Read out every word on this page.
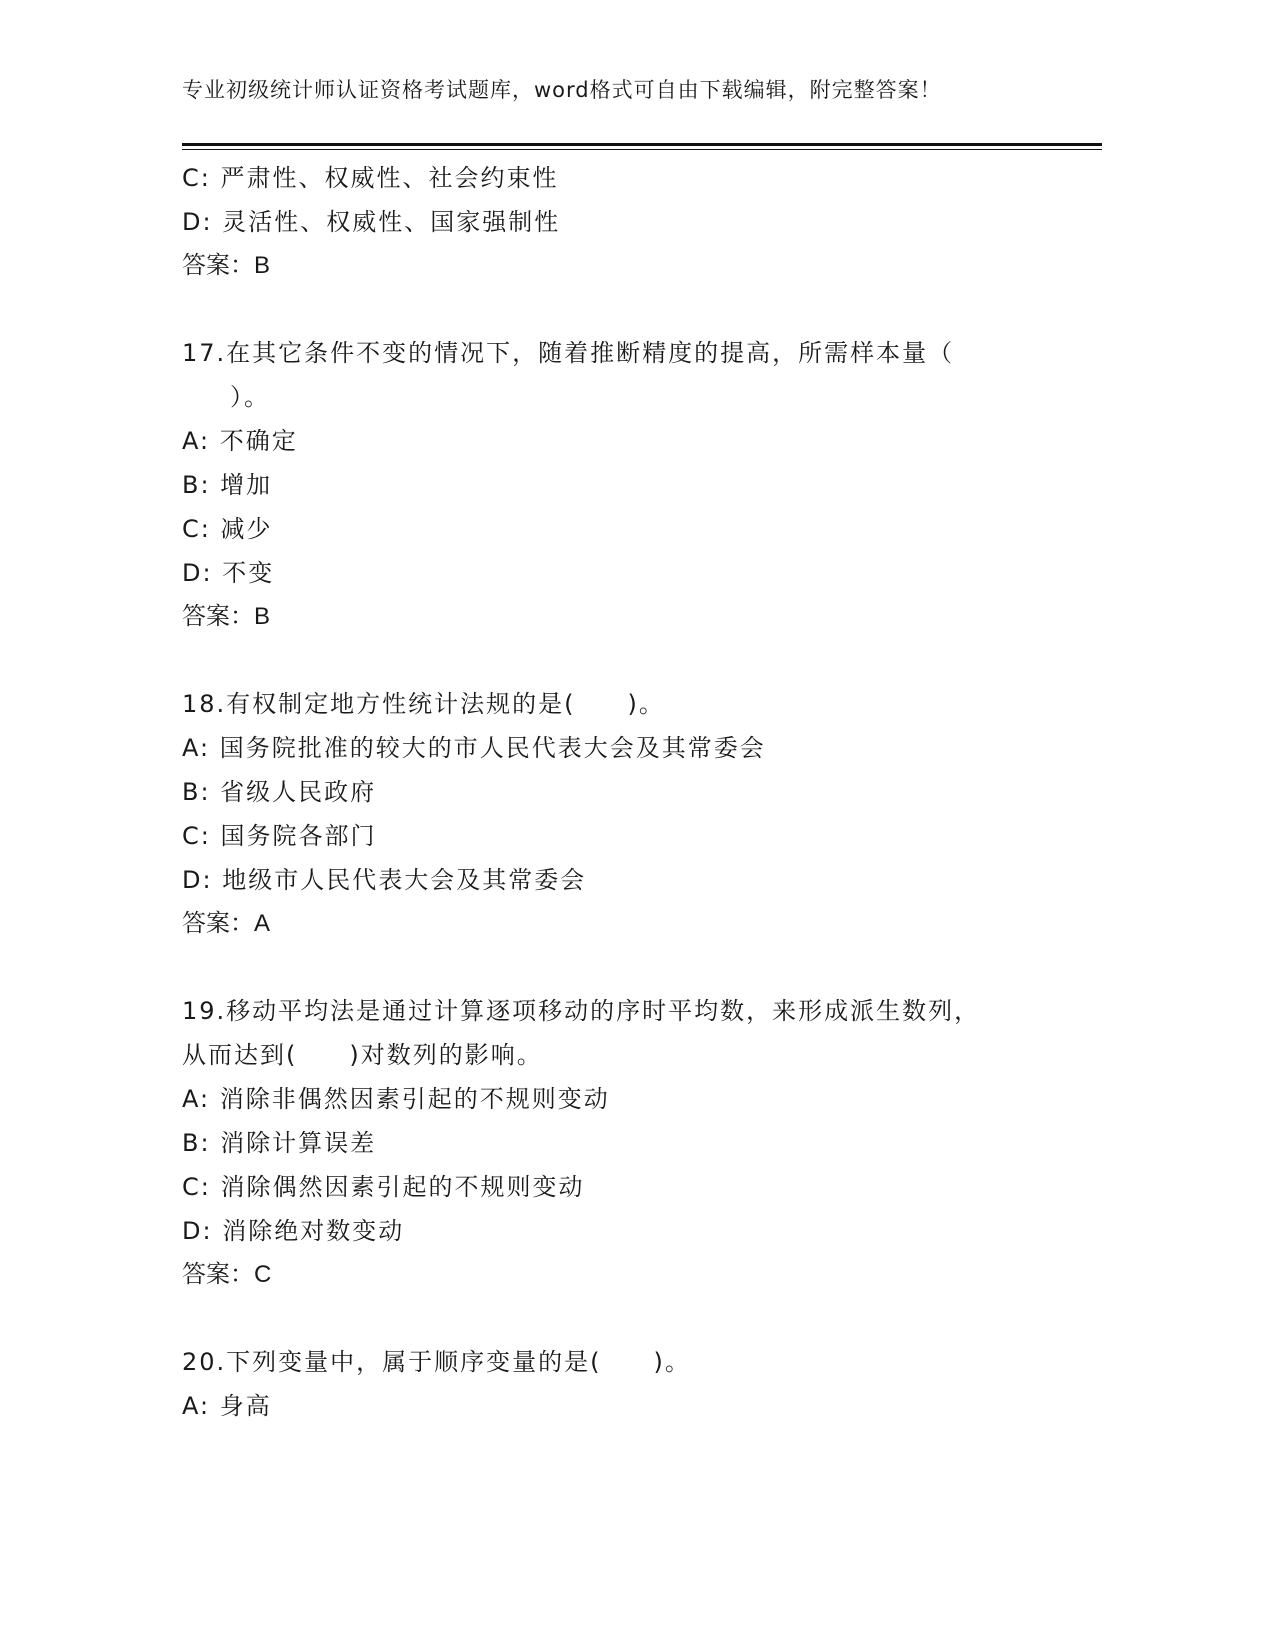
专业初级统计师认证资格考试题库，word格式可自由下载编辑，附完整答案！
C: 严肃性、权威性、社会约束性
D: 灵活性、权威性、国家强制性
答案：B
17.在其它条件不变的情况下，随着推断精度的提高，所需样本量（
）。
A: 不确定
B: 增加
C: 减少
D: 不变
答案：B
18.有权制定地方性统计法规的是(　　)。
A: 国务院批准的较大的市人民代表大会及其常委会
B: 省级人民政府
C: 国务院各部门
D: 地级市人民代表大会及其常委会
答案：A
19.移动平均法是通过计算逐项移动的序时平均数，来形成派生数列，
从而达到(　　)对数列的影响。
A: 消除非偶然因素引起的不规则变动
B: 消除计算误差
C: 消除偶然因素引起的不规则变动
D: 消除绝对数变动
答案：C
20.下列变量中，属于顺序变量的是(　　)。
A: 身高
